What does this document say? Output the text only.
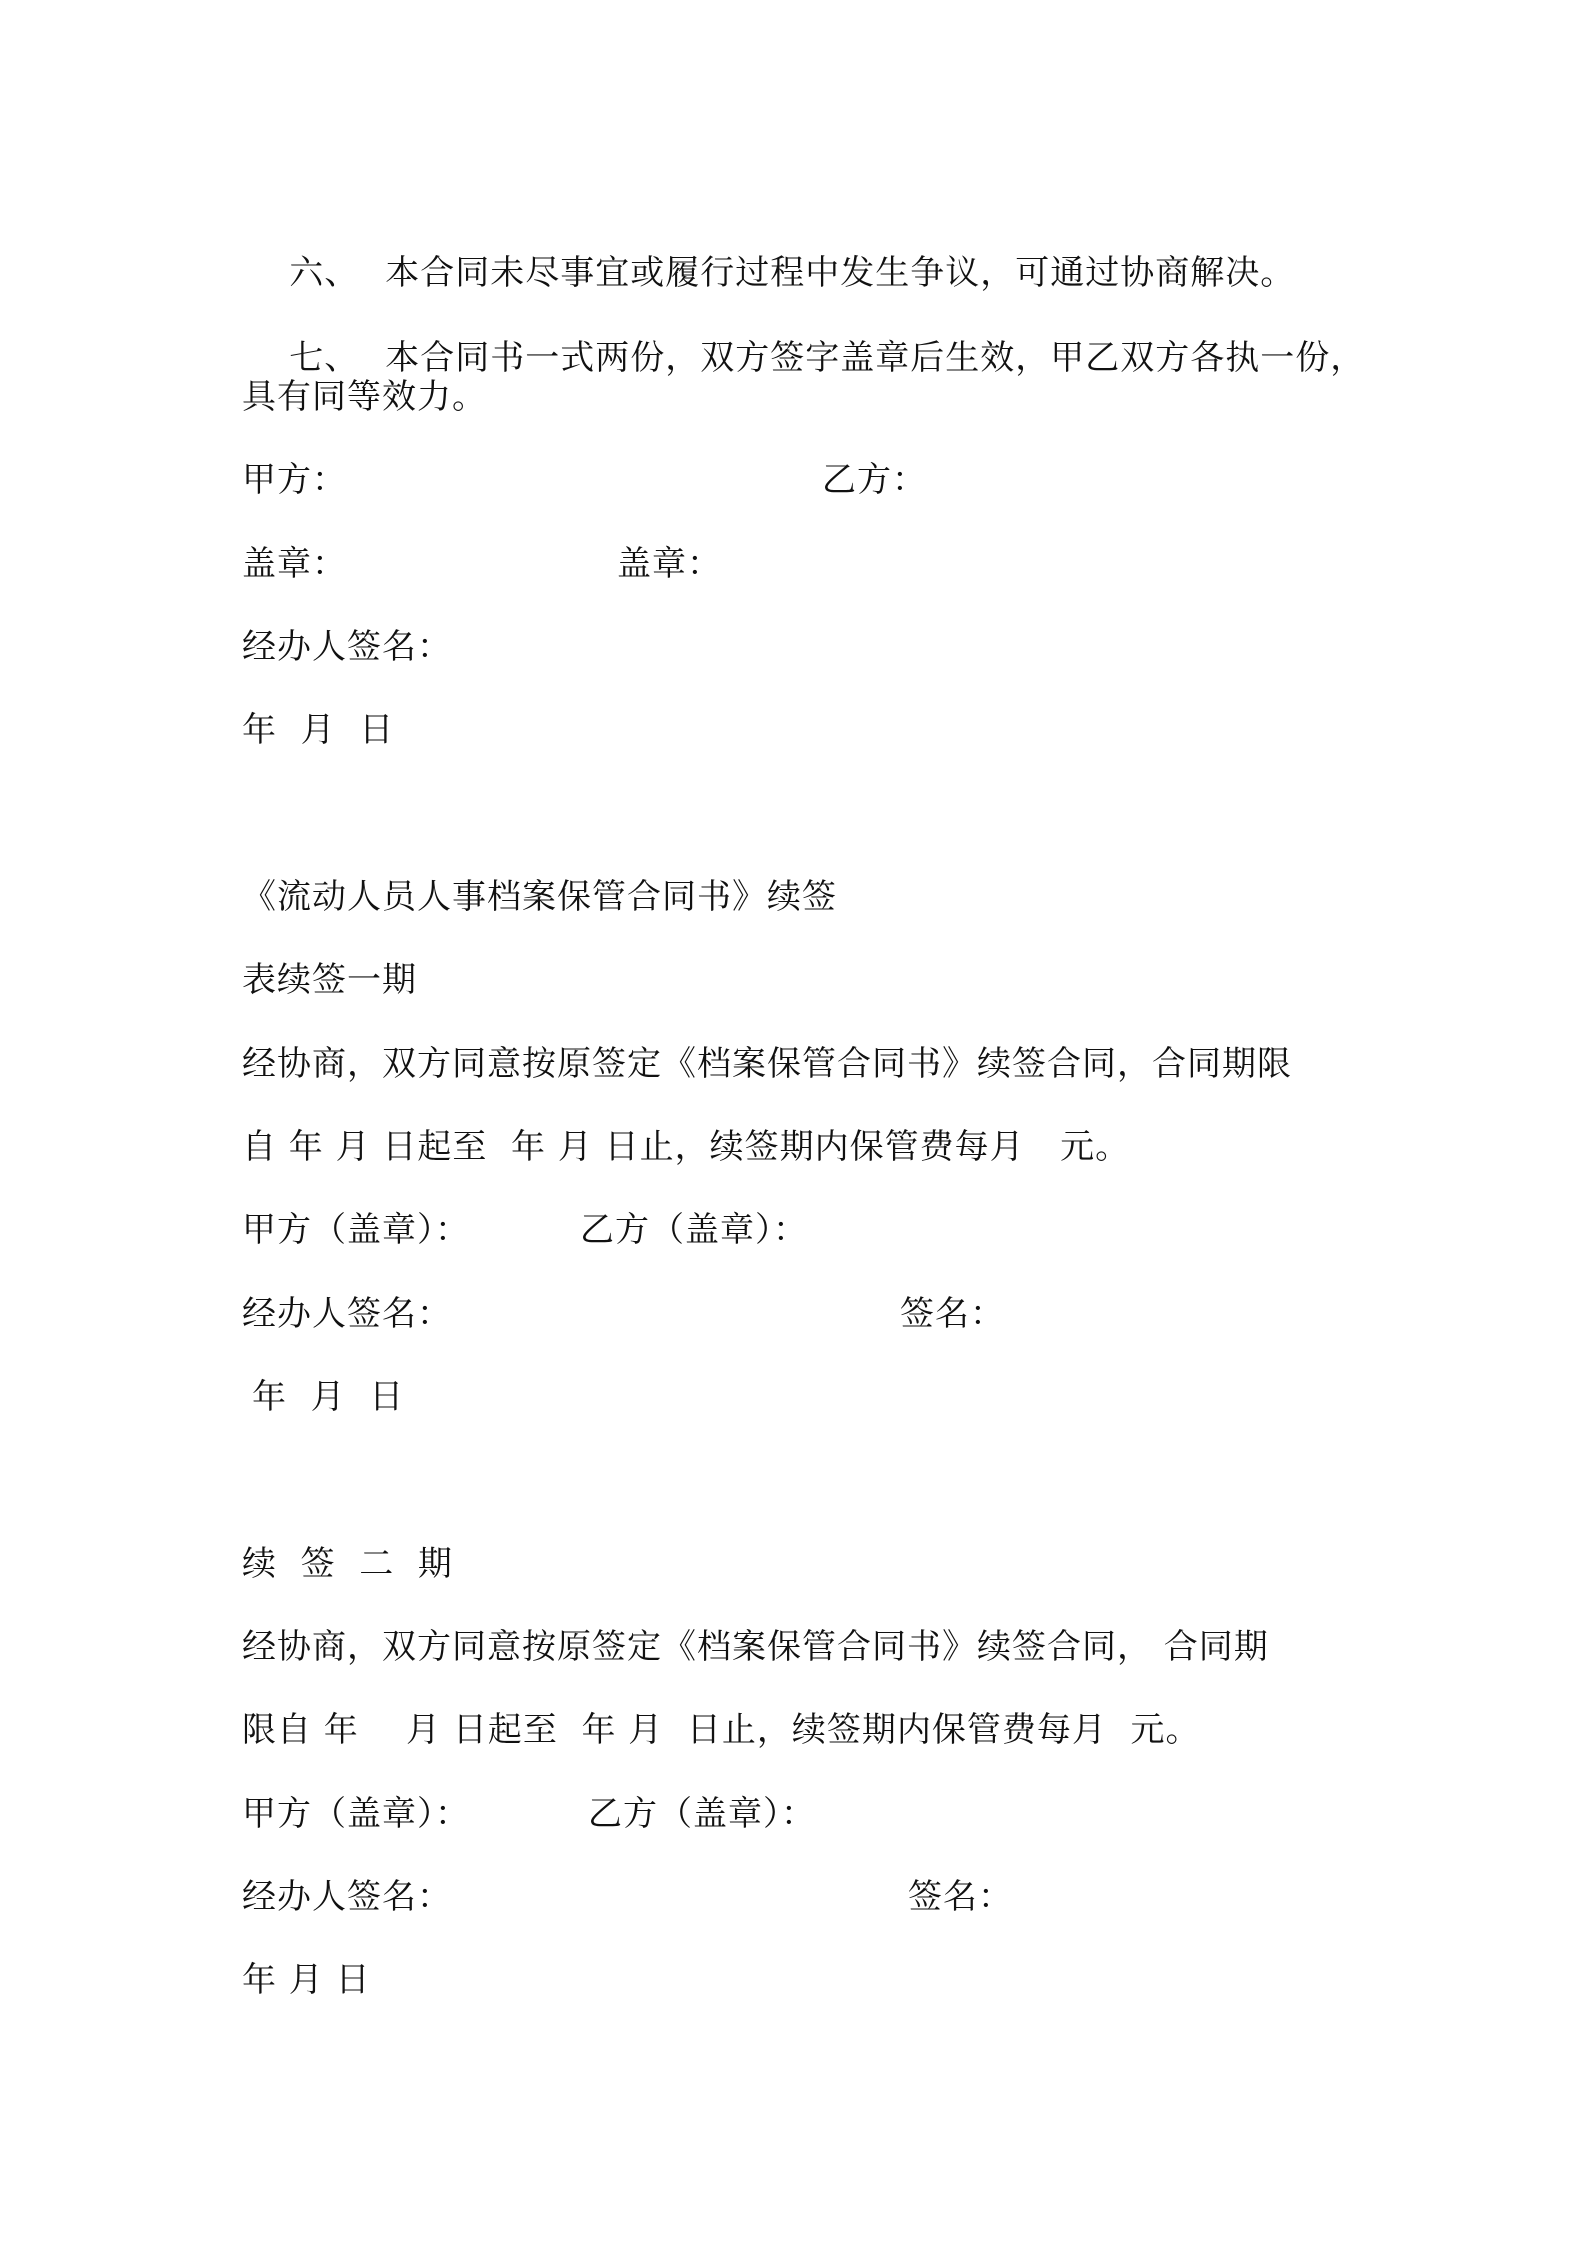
六、 本合同未尽事宜或履行过程中发生争议，可通过协商解决。

七、 本合同书一式两份，双方签字盖章后生效，甲乙双方各执一份，

具有同等效力。
甲方：	乙方：
盖章：	盖章：
经办人签名：
年  月  日
《流动人员人事档案保管合同书》续签
表续签一期
经协商，双方同意按原签定《档案保管合同书》续签合同，合同期限
自 年 月 日起至  年 月 日止，续签期内保管费每月   元。
甲方（盖章）：	乙方（盖章）：
经办人签名：	签名：
年  月  日
续  签  二  期
经协商，双方同意按原签定《档案保管合同书》续签合同， 合同期
限自 年    月 日起至  年 月  日止，续签期内保管费每月  元。
甲方（盖章）：	乙方（盖章）：
经办人签名：	签名：
年 月 日
